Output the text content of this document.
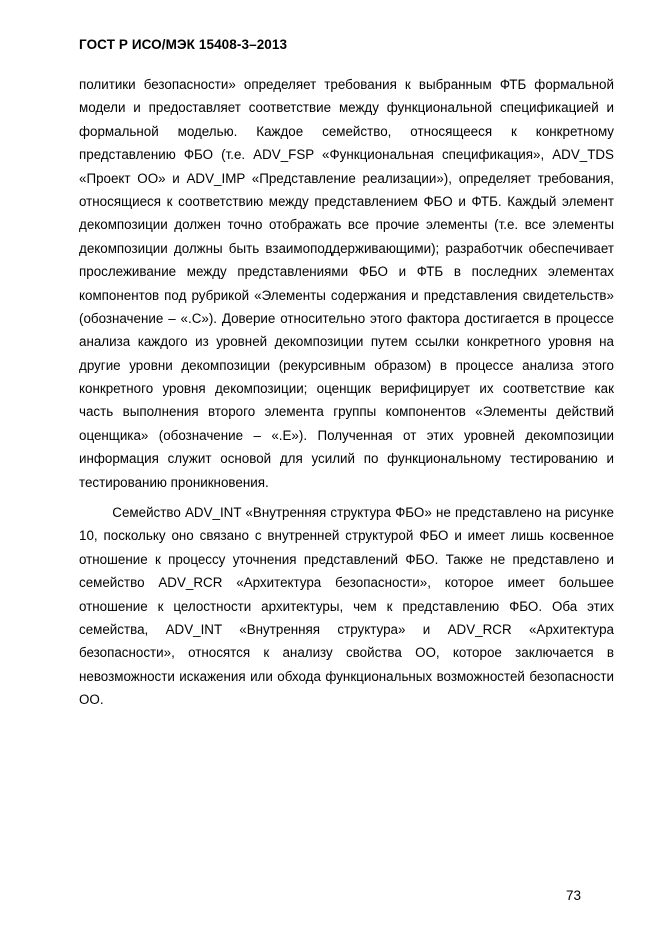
ГОСТ Р ИСО/МЭК 15408-3–2013
политики безопасности» определяет требования к выбранным ФТБ формальной
модели и предоставляет соответствие между функциональной спецификацией и
формальной моделью. Каждое семейство, относящееся к конкретному
представлению ФБО (т.е. ADV_FSP «Функциональная спецификация», ADV_TDS
«Проект ОО» и ADV_IMP «Представление реализации»), определяет требования,
относящиеся к соответствию между представлением ФБО и ФТБ. Каждый элемент
декомпозиции должен точно отображать все прочие элементы (т.е. все элементы
декомпозиции должны быть взаимоподдерживающими); разработчик обеспечивает
прослеживание между представлениями ФБО и ФТБ в последних элементах
компонентов под рубрикой «Элементы содержания и представления свидетельств»
(обозначение – «.С»). Доверие относительно этого фактора достигается в процессе
анализа каждого из уровней декомпозиции путем ссылки конкретного уровня на
другие уровни декомпозиции (рекурсивным образом) в процессе анализа этого
конкретного уровня декомпозиции; оценщик верифицирует их соответствие как
часть выполнения второго элемента группы компонентов «Элементы действий
оценщика» (обозначение – «.Е»). Полученная от этих уровней декомпозиции
информация служит основой для усилий по функциональному тестированию и
тестированию проникновения.
Семейство ADV_INT «Внутренняя структура ФБО» не представлено на рисунке
10, поскольку оно связано с внутренней структурой ФБО и имеет лишь косвенное
отношение к процессу уточнения представлений ФБО. Также не представлено и
семейство ADV_RCR «Архитектура безопасности», которое имеет большее
отношение к целостности архитектуры, чем к представлению ФБО. Оба этих
семейства, ADV_INT «Внутренняя структура» и ADV_RCR «Архитектура
безопасности», относятся к анализу свойства ОО, которое заключается в
невозможности искажения или обхода функциональных возможностей безопасности
ОО.
73
